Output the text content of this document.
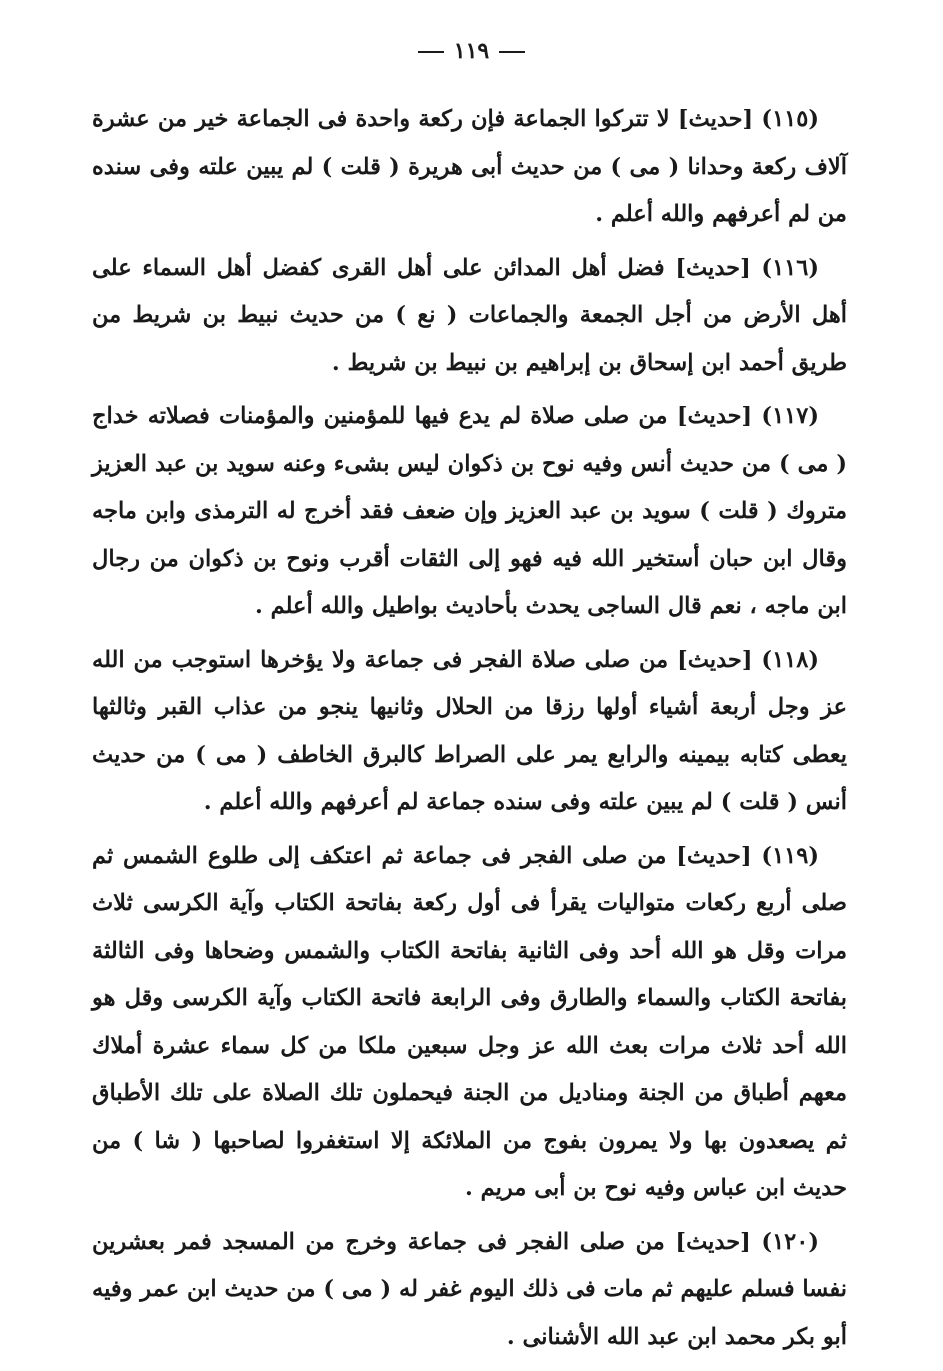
١١٩

(١١٥) [حديث] لا تتركوا الجماعة فإن ركعة واحدة فى الجماعة خير من عشرة آلاف ركعة وحدانا ( مى ) من حديث أبى هريرة ( قلت ) لم يبين علته وفى سنده من لم أعرفهم والله أعلم .

(١١٦) [حديث] فضل أهل المدائن على أهل القرى كفضل أهل السماء على أهل الأرض من أجل الجمعة والجماعات ( نع ) من حديث نبيط بن شريط من طريق أحمد ابن إسحاق بن إبراهيم بن نبيط بن شريط .

(١١٧) [حديث] من صلى صلاة لم يدع فيها للمؤمنين والمؤمنات فصلاته خداج ( مى ) من حديث أنس وفيه نوح بن ذكوان ليس بشىء وعنه سويد بن عبد العزيز متروك ( قلت ) سويد بن عبد العزيز وإن ضعف فقد أخرج له الترمذى وابن ماجه وقال ابن حبان أستخير الله فيه فهو إلى الثقات أقرب ونوح بن ذكوان من رجال ابن ماجه ، نعم قال الساجى يحدث بأحاديث بواطيل والله أعلم .

(١١٨) [حديث] من صلى صلاة الفجر فى جماعة ولا يؤخرها استوجب من الله عز وجل أربعة أشياء أولها رزقا من الحلال وثانيها ينجو من عذاب القبر وثالثها يعطى كتابه بيمينه والرابع يمر على الصراط كالبرق الخاطف ( مى ) من حديث أنس ( قلت ) لم يبين علته وفى سنده جماعة لم أعرفهم والله أعلم .

(١١٩) [حديث] من صلى الفجر فى جماعة ثم اعتكف إلى طلوع الشمس ثم صلى أربع ركعات متواليات يقرأ فى أول ركعة بفاتحة الكتاب وآية الكرسى ثلاث مرات وقل هو الله أحد وفى الثانية بفاتحة الكتاب والشمس وضحاها وفى الثالثة بفاتحة الكتاب والسماء والطارق وفى الرابعة فاتحة الكتاب وآية الكرسى وقل هو الله أحد ثلاث مرات بعث الله عز وجل سبعين ملكا من كل سماء عشرة أملاك معهم أطباق من الجنة ومناديل من الجنة فيحملون تلك الصلاة على تلك الأطباق ثم يصعدون بها ولا يمرون بفوج من الملائكة إلا استغفروا لصاحبها ( شا ) من حديث ابن عباس وفيه نوح بن أبى مريم .

(١٢٠) [حديث] من صلى الفجر فى جماعة وخرج من المسجد فمر بعشرين نفسا فسلم عليهم ثم مات فى ذلك اليوم غفر له ( مى ) من حديث ابن عمر وفيه أبو بكر محمد ابن عبد الله الأشنانى .
